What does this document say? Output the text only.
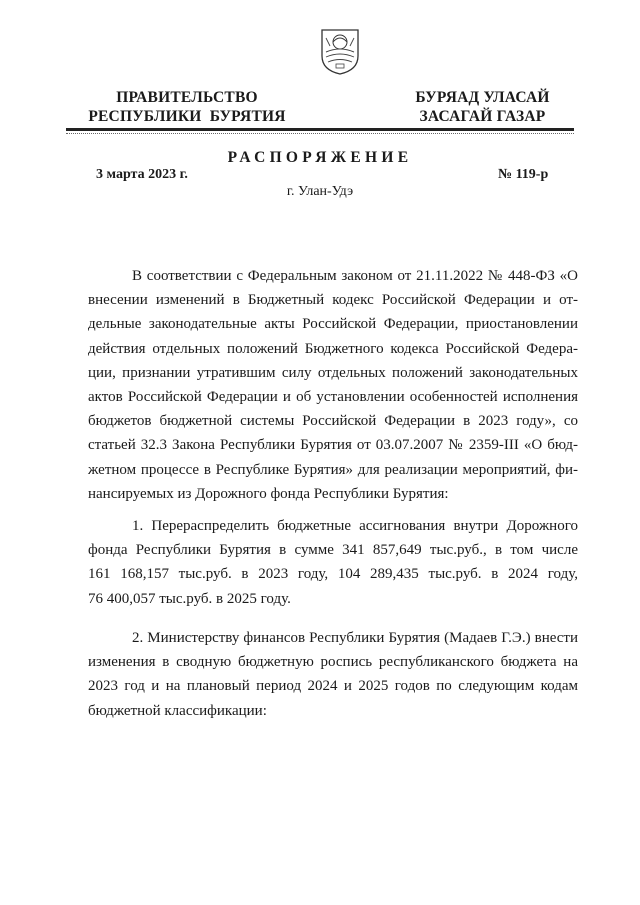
ПРАВИТЕЛЬСТВО
РЕСПУБЛИКИ  БУРЯТИЯ
БУРЯАД УЛАСАЙ
ЗАСАГАЙ ГАЗАР
РАСПОРЯЖЕНИЕ
3 марта 2023 г.	№ 119-р
г. Улан-Удэ
В соответствии с Федеральным законом от 21.11.2022 № 448-ФЗ «О
внесении изменений в Бюджетный кодекс Российской Федерации и от-
дельные законодательные акты Российской Федерации, приостановлении
действия отдельных положений Бюджетного кодекса Российской Федера-
ции, признании утратившим силу отдельных положений законодательных
актов Российской Федерации и об установлении особенностей исполнения
бюджетов бюджетной системы Российской Федерации в 2023 году», со
статьей 32.3 Закона Республики Бурятия от 03.07.2007 № 2359-III «О бюд-
жетном процессе в Республике Бурятия» для реализации мероприятий, фи-
нансируемых из Дорожного фонда Республики Бурятия:
1. Перераспределить бюджетные ассигнования внутри Дорожного
фонда Республики Бурятия в сумме 341 857,649 тыс.руб., в том числе
161 168,157 тыс.руб. в 2023 году, 104 289,435 тыс.руб. в 2024 году,
76 400,057 тыс.руб. в 2025 году.
2. Министерству финансов Республики Бурятия (Мадаев Г.Э.) внести
изменения в сводную бюджетную роспись республиканского бюджета на
2023 год и на плановый период 2024 и 2025 годов по следующим кодам
бюджетной классификации:
